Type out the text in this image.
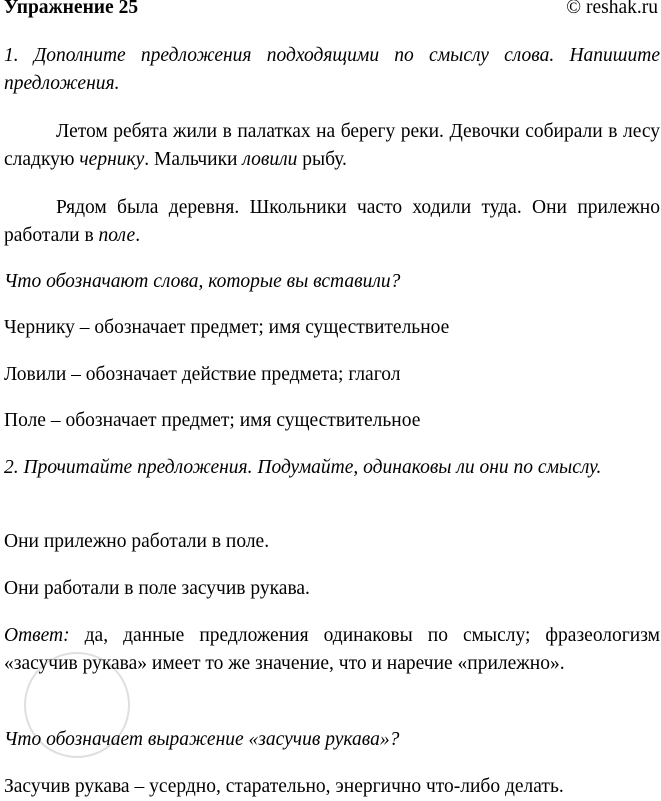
Упражнение 25	© reshak.ru

1. Дополните предложения подходящими по смыслу слова. Напишите предложения.

Летом ребята жили в палатках на берегу реки. Девочки собирали в лесу сладкую чернику. Мальчики ловили рыбу.

Рядом была деревня. Школьники часто ходили туда. Они прилежно работали в поле.

Что обозначают слова, которые вы вставили?

Чернику – обозначает предмет; имя существительное

Ловили – обозначает действие предмета; глагол

Поле – обозначает предмет; имя существительное

2. Прочитайте предложения. Подумайте, одинаковы ли они по смыслу.

Они прилежно работали в поле.

Они работали в поле засучив рукава.

Ответ: да, данные предложения одинаковы по смыслу; фразеологизм «засучив рукава» имеет то же значение, что и наречие «прилежно».

Что обозначает выражение «засучив рукава»?

Засучив рукава – усердно, старательно, энергично что-либо делать.
